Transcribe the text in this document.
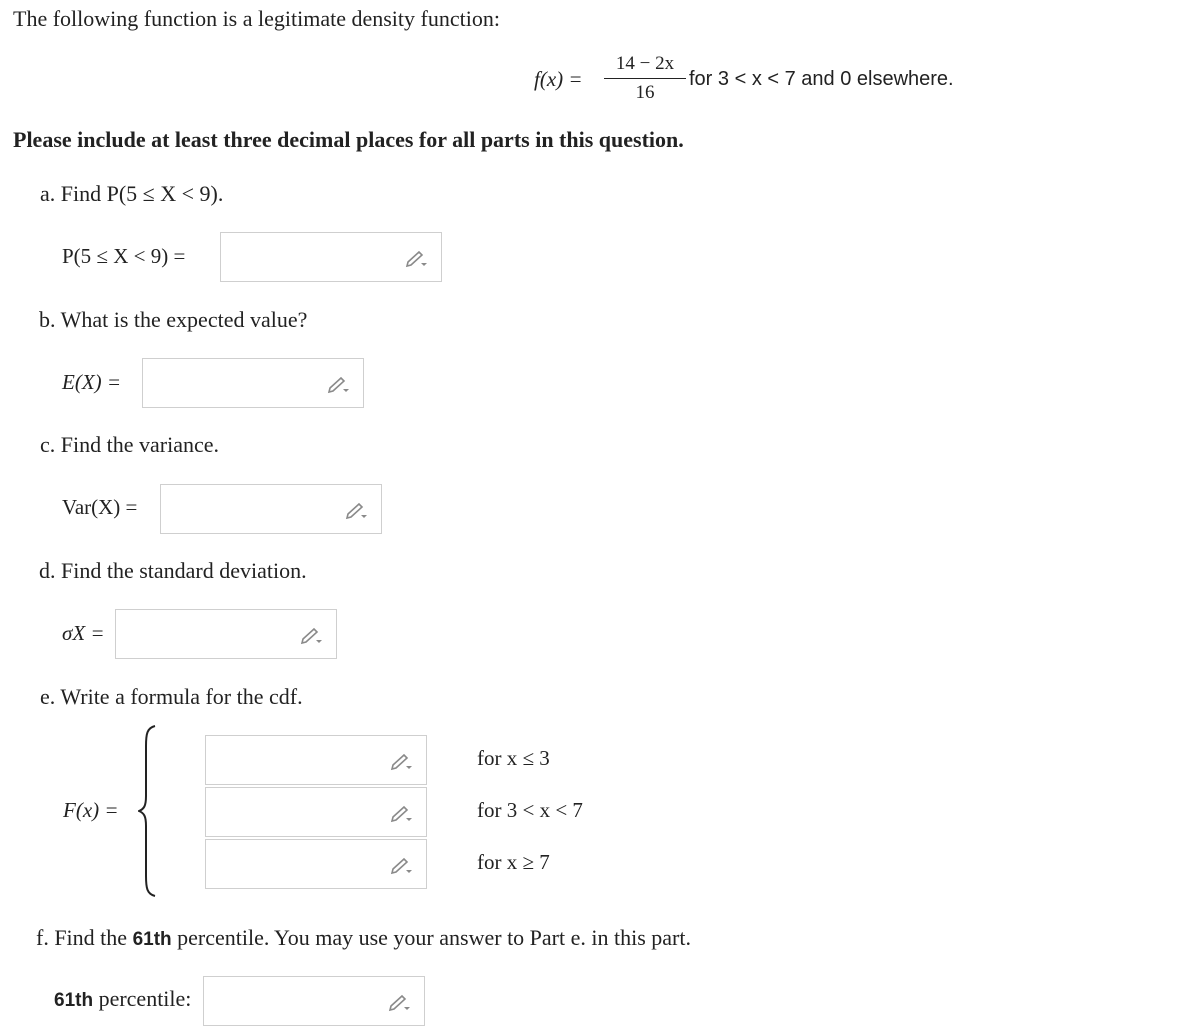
The following function is a legitimate density function:
f(x) =
14 − 2x
16
for 3 < x < 7 and 0 elsewhere.
Please include at least three decimal places for all parts in this question.
a. Find P(5 ≤ X < 9).
P(5 ≤ X < 9) =
b. What is the expected value?
E(X) =
c. Find the variance.
Var(X) =
d. Find the standard deviation.
σX =
e. Write a formula for the cdf.
F(x) =
for x ≤ 3
for 3 < x < 7
for x ≥ 7
f. Find the 61th percentile. You may use your answer to Part e. in this part.
61th percentile:
